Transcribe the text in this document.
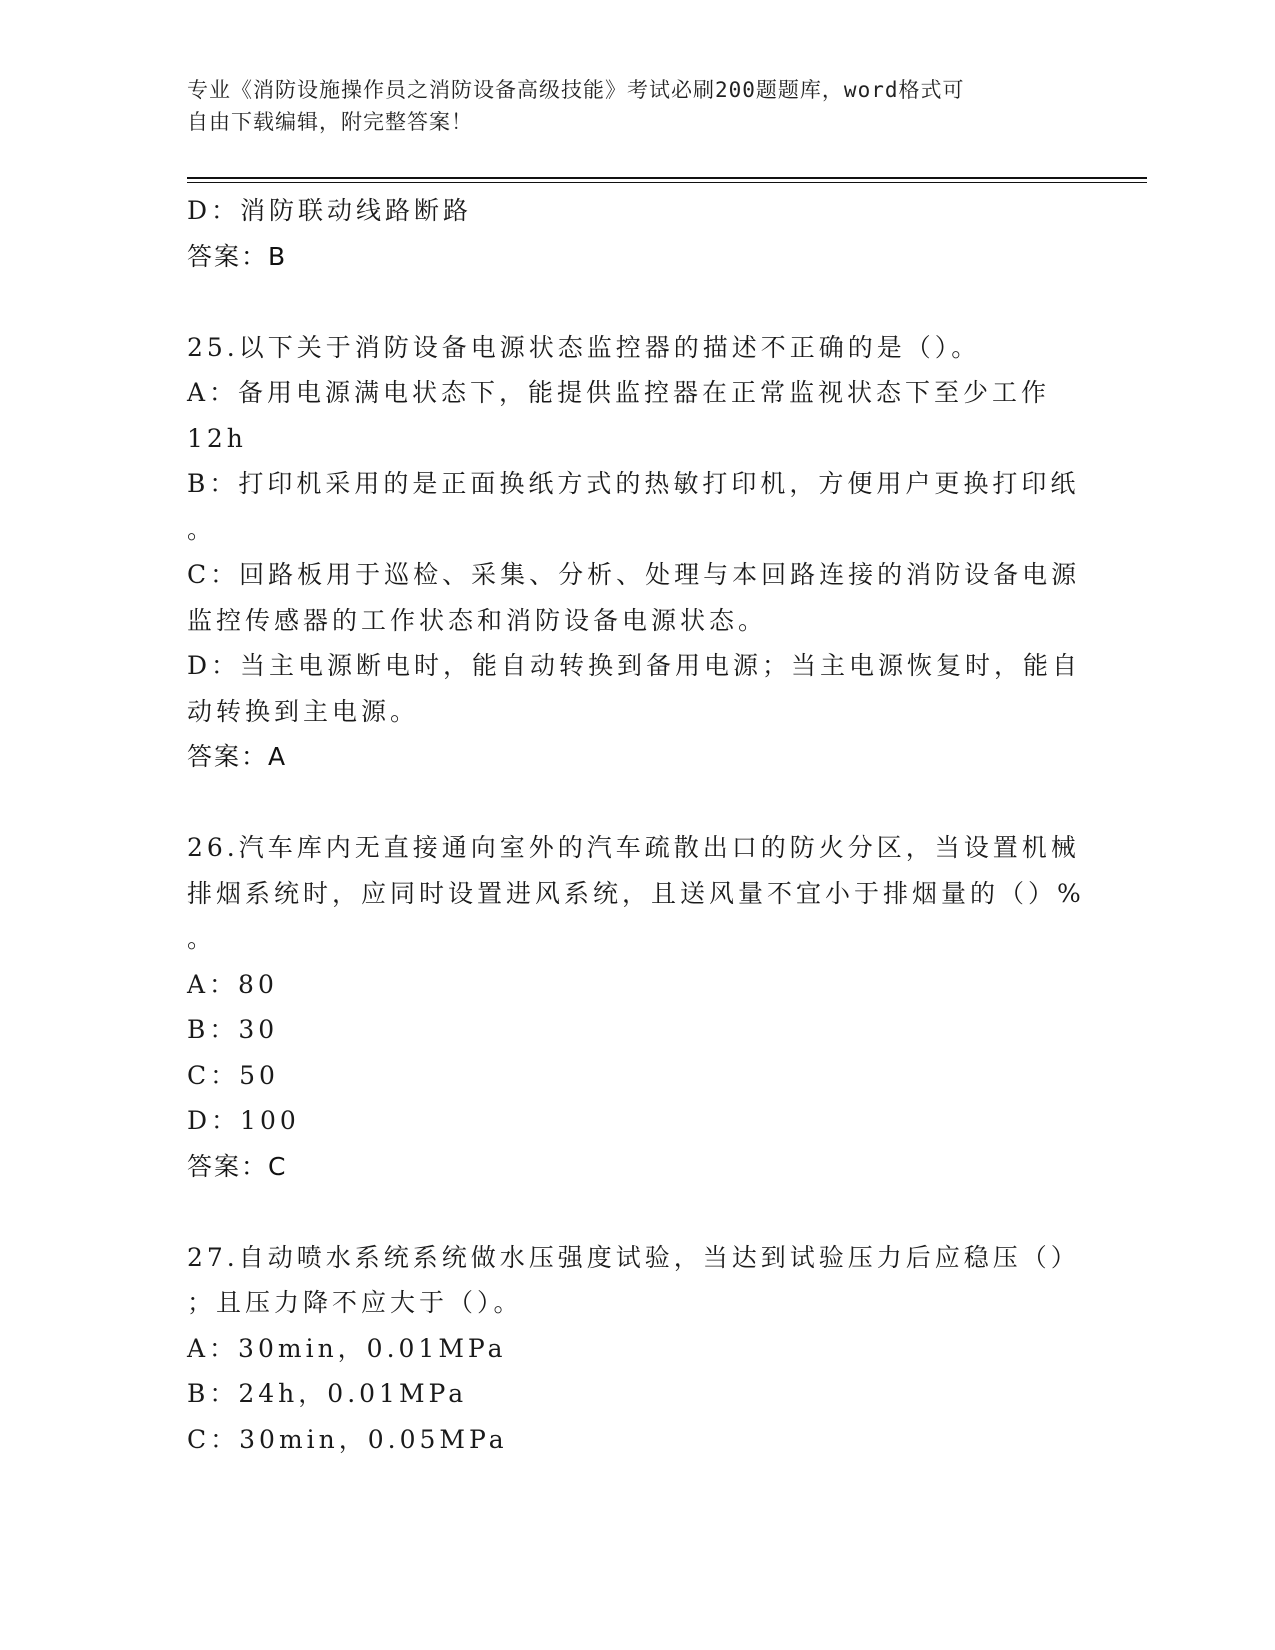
专业《消防设施操作员之消防设备高级技能》考试必刷200题题库，word格式可
自由下载编辑，附完整答案！
D：消防联动线路断路
答案：B
25.以下关于消防设备电源状态监控器的描述不正确的是（）。
A：备用电源满电状态下，能提供监控器在正常监视状态下至少工作
12h
B：打印机采用的是正面换纸方式的热敏打印机，方便用户更换打印纸
。
C：回路板用于巡检、采集、分析、处理与本回路连接的消防设备电源
监控传感器的工作状态和消防设备电源状态。
D：当主电源断电时，能自动转换到备用电源；当主电源恢复时，能自
动转换到主电源。
答案：A
26.汽车库内无直接通向室外的汽车疏散出口的防火分区，当设置机械
排烟系统时，应同时设置进风系统，且送风量不宜小于排烟量的（）%
。
A：80
B：30
C：50
D：100
答案：C
27.自动喷水系统系统做水压强度试验，当达到试验压力后应稳压（）
；且压力降不应大于（）。
A：30min，0.01MPa
B：24h，0.01MPa
C：30min，0.05MPa
